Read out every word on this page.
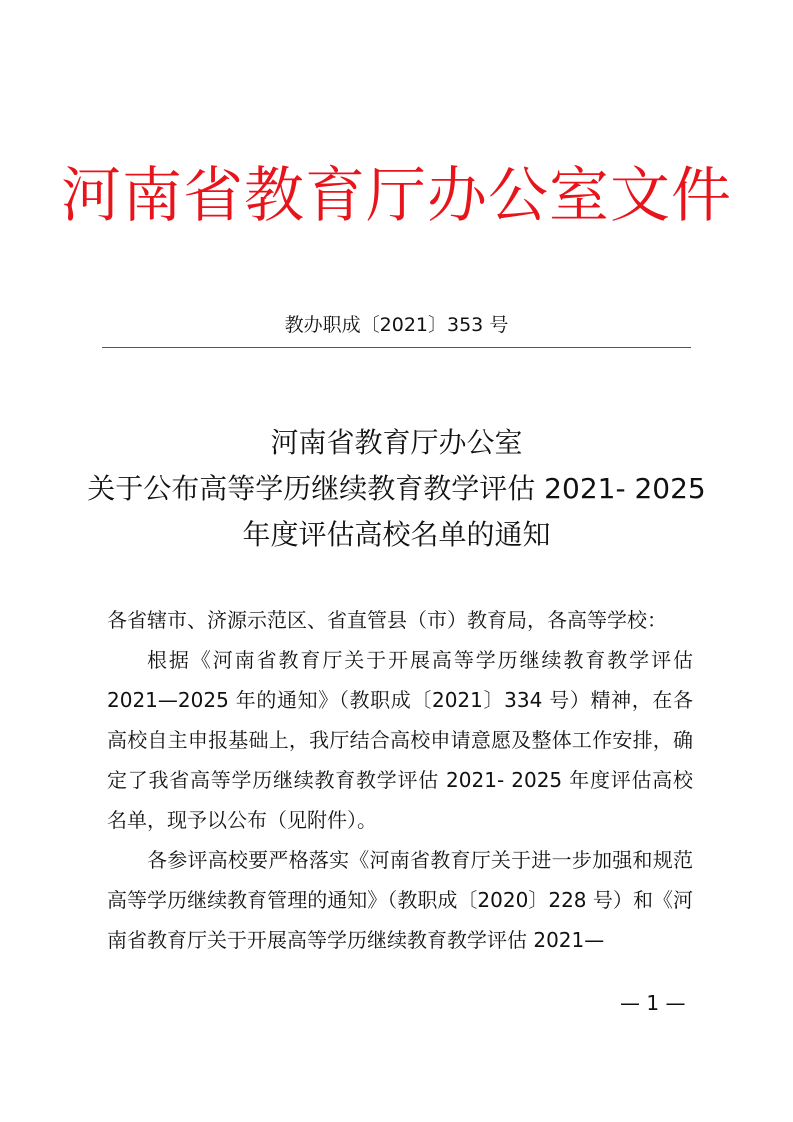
河南省教育厅办公室文件
教办职成〔2021〕353 号
河南省教育厅办公室
关于公布高等学历继续教育教学评估 2021- 2025
年度评估高校名单的通知
各省辖市、济源示范区、省直管县（市）教育局，各高等学校：

根据《河南省教育厅关于开展高等学历继续教育教学评估 2021—2025 年的通知》（教职成〔2021〕334 号）精神，在各高校自主申报基础上，我厅结合高校申请意愿及整体工作安排，确定了我省高等学历继续教育教学评估 2021- 2025 年度评估高校名单，现予以公布（见附件）。

各参评高校要严格落实《河南省教育厅关于进一步加强和规范高等学历继续教育管理的通知》（教职成〔2020〕228 号）和《河南省教育厅关于开展高等学历继续教育教学评估 2021—

— 1 —
